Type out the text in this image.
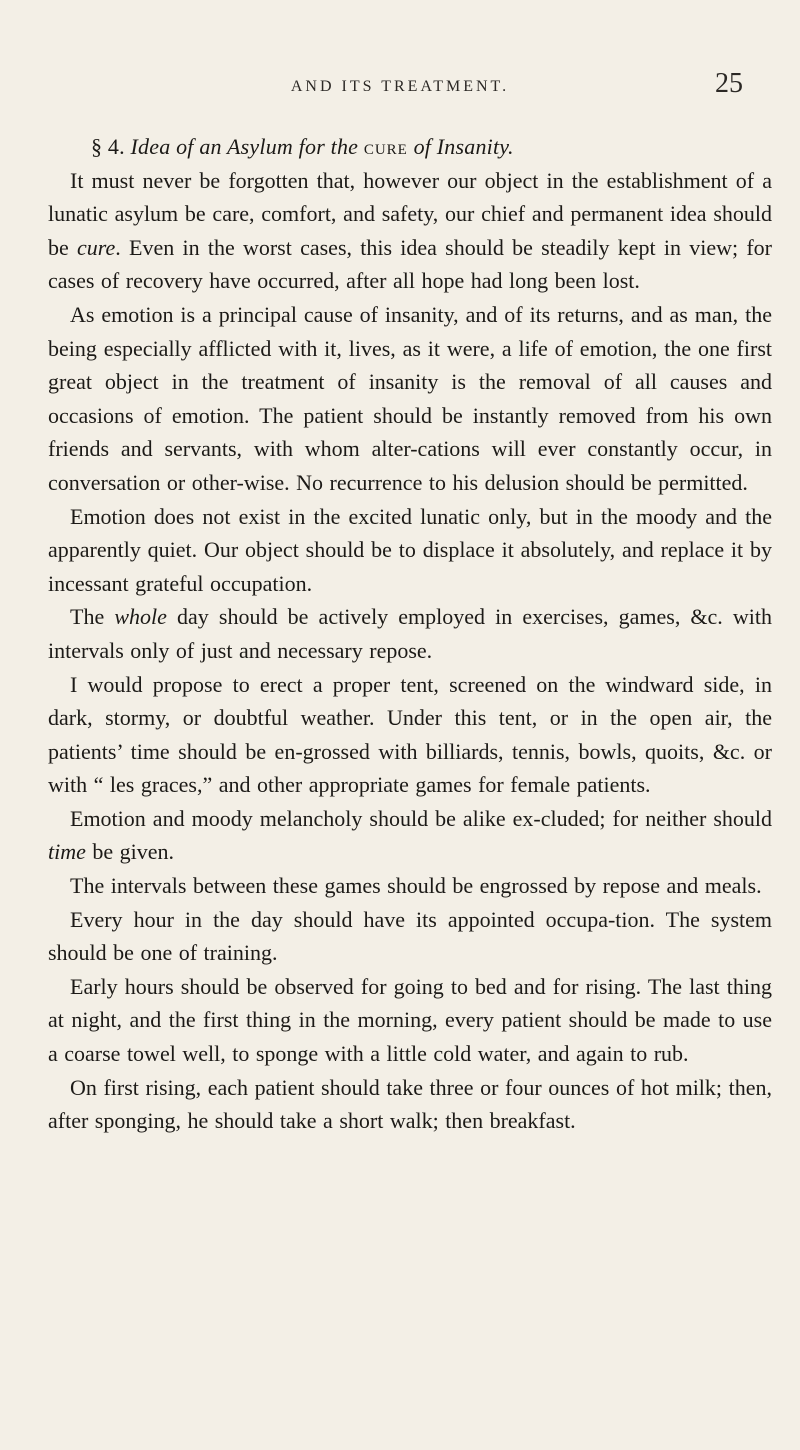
AND ITS TREATMENT.	25

§ 4. Idea of an Asylum for the cure of Insanity.

It must never be forgotten that, however our object in the establishment of a lunatic asylum be care, comfort, and safety, our chief and permanent idea should be cure. Even in the worst cases, this idea should be steadily kept in view; for cases of recovery have occurred, after all hope had long been lost.

As emotion is a principal cause of insanity, and of its returns, and as man, the being especially afflicted with it, lives, as it were, a life of emotion, the one first great object in the treatment of insanity is the removal of all causes and occasions of emotion. The patient should be instantly removed from his own friends and servants, with whom alter-cations will ever constantly occur, in conversation or other-wise. No recurrence to his delusion should be permitted.

Emotion does not exist in the excited lunatic only, but in the moody and the apparently quiet. Our object should be to displace it absolutely, and replace it by incessant grateful occupation.

The whole day should be actively employed in exercises, games, &c. with intervals only of just and necessary repose.

I would propose to erect a proper tent, screened on the windward side, in dark, stormy, or doubtful weather. Under this tent, or in the open air, the patients’ time should be en-grossed with billiards, tennis, bowls, quoits, &c. or with “ les graces,” and other appropriate games for female patients.

Emotion and moody melancholy should be alike ex-cluded; for neither should time be given.

The intervals between these games should be engrossed by repose and meals.

Every hour in the day should have its appointed occupa-tion. The system should be one of training.

Early hours should be observed for going to bed and for rising. The last thing at night, and the first thing in the morning, every patient should be made to use a coarse towel well, to sponge with a little cold water, and again to rub.

On first rising, each patient should take three or four ounces of hot milk; then, after sponging, he should take a short walk; then breakfast.
